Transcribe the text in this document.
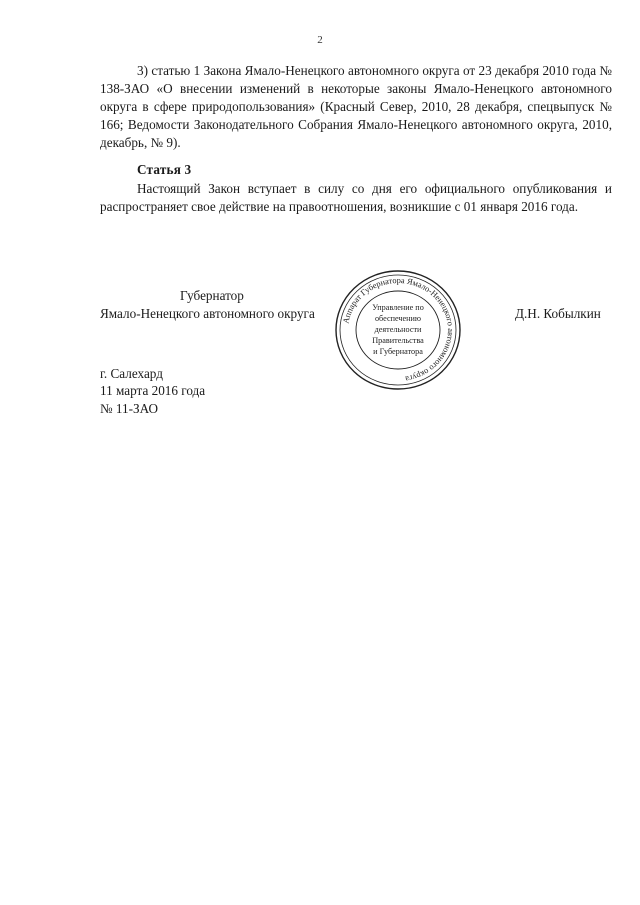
2

3) статью 1 Закона Ямало-Ненецкого автономного округа от 23 декабря 2010 года № 138-ЗАО «О внесении изменений в некоторые законы Ямало-Ненецкого автономного округа в сфере природопользования» (Красный Север, 2010, 28 декабря, спецвыпуск № 166; Ведомости Законодательного Собрания Ямало-Ненецкого автономного округа, 2010, декабрь, № 9).

Статья 3

Настоящий Закон вступает в силу со дня его официального опубликования и распространяет свое действие на правоотношения, возникшие с 01 января 2016 года.

Губернатор
Ямало-Ненецкого автономного округа	Аппарат Губернатора Ямало-Ненецкого автономного округа
Управление по
обеспечению
деятельности
Правительства
и Губернатора
Д.Н. Кобылкин
г. Салехард
11 марта 2016 года
№ 11-ЗАО
